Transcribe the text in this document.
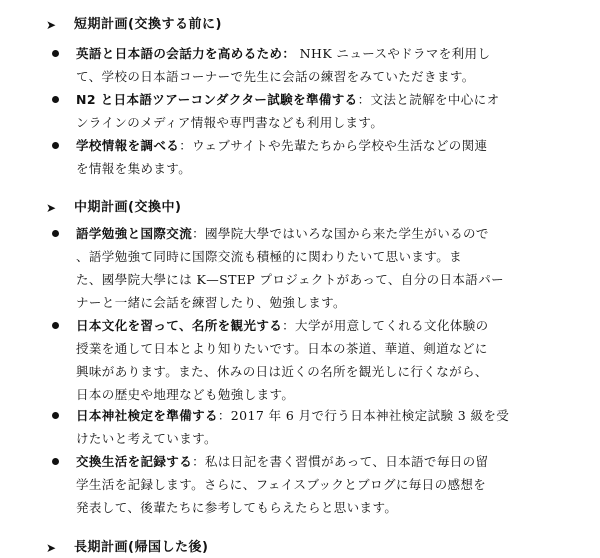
➤ 短期計画(交換する前に)
英語と日本語の会話力を高めるため： NHK ニュースやドラマを利用し
て、学校の日本語コーナーで先生に会話の練習をみていただきます。
N2 と日本語ツアーコンダクター試験を準備する：文法と読解を中心にオ
ンラインのメディア情報や専門書なども利用します。
学校情報を調べる：ウェブサイトや先輩たちから学校や生活などの関連
を情報を集めます。
➤ 中期計画(交換中)
語学勉強と国際交流：國學院大學ではいろな国から来た学生がいるので
、語学勉強て同時に国際交流も積極的に関わりたいて思います。ま
た、國學院大學には K—STEP プロジェクトがあって、自分の日本語パー
ナーと一緒に会話を練習したり、勉強します。
日本文化を習って、名所を観光する：大学が用意してくれる文化体験の
授業を通して日本とより知りたいです。日本の茶道、華道、剣道などに
興味があります。また、休みの日は近くの名所を観光しに行くながら、
日本の歴史や地理なども勉強します。
日本神社検定を準備する：2017 年 6 月で行う日本神社検定試験 3 級を受
けたいと考えています。
交換生活を記録する：私は日記を書く習慣があって、日本語で毎日の留
学生活を記録します。さらに、フェイスブックとブログに毎日の感想を
発表して、後輩たちに参考してもらえたらと思います。
➤ 長期計画(帰国した後)
